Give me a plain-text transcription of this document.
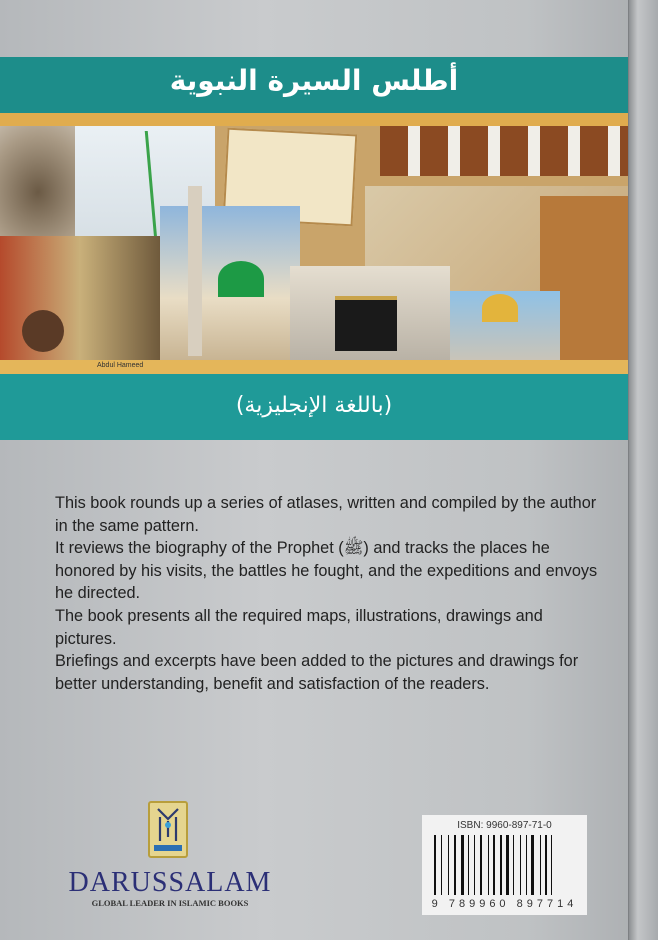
أطلس السيرة النبوية
Abdul Hameed
(باللغة الإنجليزية)

This book rounds up a series of atlases, written and compiled by the author in the same pattern.

It reviews the biography of the Prophet (ﷺ) and tracks the places he honored by his visits, the battles he fought, and the expeditions and envoys he directed.

The book presents all the required maps, illustrations, drawings and pictures.

Briefings and excerpts have been added to the pictures and drawings for better understanding, benefit and satisfaction of the readers.

DARUSSALAM
GLOBAL LEADER IN ISLAMIC BOOKS
ISBN: 9960-897-71-0
9 789960 897714
